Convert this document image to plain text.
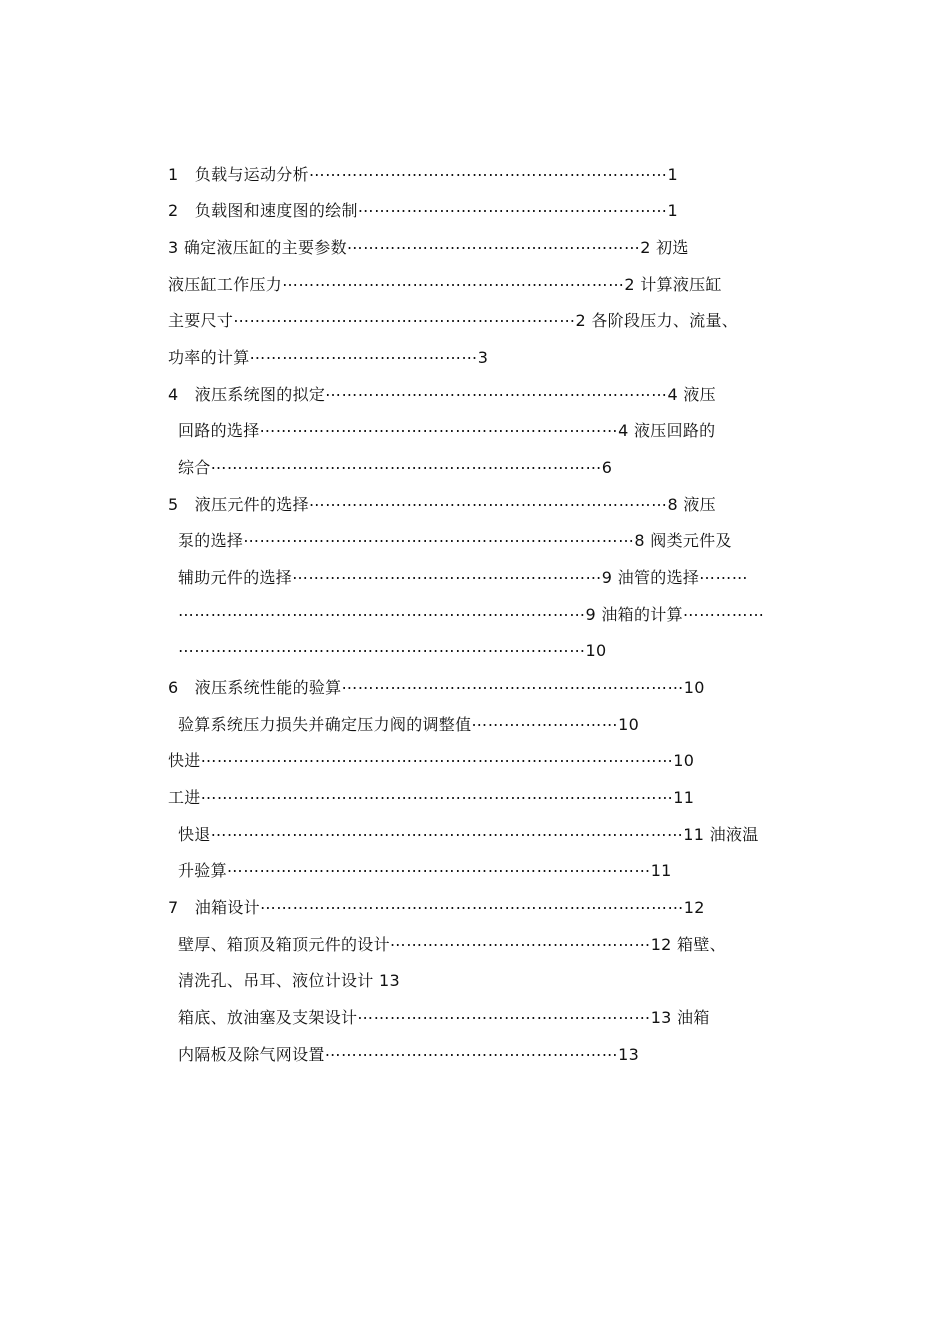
1　负载与运动分析⋯⋯⋯⋯⋯⋯⋯⋯⋯⋯⋯⋯⋯⋯⋯⋯⋯⋯⋯⋯⋯⋯1
2　负载图和速度图的绘制⋯⋯⋯⋯⋯⋯⋯⋯⋯⋯⋯⋯⋯⋯⋯⋯⋯⋯⋯1
3 确定液压缸的主要参数⋯⋯⋯⋯⋯⋯⋯⋯⋯⋯⋯⋯⋯⋯⋯⋯⋯⋯2 初选
液压缸工作压力⋯⋯⋯⋯⋯⋯⋯⋯⋯⋯⋯⋯⋯⋯⋯⋯⋯⋯⋯⋯⋯2 计算液压缸
主要尺寸⋯⋯⋯⋯⋯⋯⋯⋯⋯⋯⋯⋯⋯⋯⋯⋯⋯⋯⋯⋯⋯2 各阶段压力、流量、
功率的计算⋯⋯⋯⋯⋯⋯⋯⋯⋯⋯⋯⋯⋯⋯3
4　液压系统图的拟定⋯⋯⋯⋯⋯⋯⋯⋯⋯⋯⋯⋯⋯⋯⋯⋯⋯⋯⋯⋯⋯4 液压
回路的选择⋯⋯⋯⋯⋯⋯⋯⋯⋯⋯⋯⋯⋯⋯⋯⋯⋯⋯⋯⋯⋯⋯4 液压回路的
综合⋯⋯⋯⋯⋯⋯⋯⋯⋯⋯⋯⋯⋯⋯⋯⋯⋯⋯⋯⋯⋯⋯⋯⋯6
5　液压元件的选择⋯⋯⋯⋯⋯⋯⋯⋯⋯⋯⋯⋯⋯⋯⋯⋯⋯⋯⋯⋯⋯⋯8 液压
泵的选择⋯⋯⋯⋯⋯⋯⋯⋯⋯⋯⋯⋯⋯⋯⋯⋯⋯⋯⋯⋯⋯⋯⋯⋯8 阀类元件及
辅助元件的选择⋯⋯⋯⋯⋯⋯⋯⋯⋯⋯⋯⋯⋯⋯⋯⋯⋯⋯⋯9 油管的选择⋯⋯⋯
⋯⋯⋯⋯⋯⋯⋯⋯⋯⋯⋯⋯⋯⋯⋯⋯⋯⋯⋯⋯⋯⋯⋯⋯⋯9 油箱的计算⋯⋯⋯⋯⋯
⋯⋯⋯⋯⋯⋯⋯⋯⋯⋯⋯⋯⋯⋯⋯⋯⋯⋯⋯⋯⋯⋯⋯⋯⋯10
6　液压系统性能的验算⋯⋯⋯⋯⋯⋯⋯⋯⋯⋯⋯⋯⋯⋯⋯⋯⋯⋯⋯⋯⋯10
验算系统压力损失并确定压力阀的调整值⋯⋯⋯⋯⋯⋯⋯⋯⋯10
快进⋯⋯⋯⋯⋯⋯⋯⋯⋯⋯⋯⋯⋯⋯⋯⋯⋯⋯⋯⋯⋯⋯⋯⋯⋯⋯⋯⋯⋯10
工进⋯⋯⋯⋯⋯⋯⋯⋯⋯⋯⋯⋯⋯⋯⋯⋯⋯⋯⋯⋯⋯⋯⋯⋯⋯⋯⋯⋯⋯11
快退⋯⋯⋯⋯⋯⋯⋯⋯⋯⋯⋯⋯⋯⋯⋯⋯⋯⋯⋯⋯⋯⋯⋯⋯⋯⋯⋯⋯⋯11 油液温
升验算⋯⋯⋯⋯⋯⋯⋯⋯⋯⋯⋯⋯⋯⋯⋯⋯⋯⋯⋯⋯⋯⋯⋯⋯⋯⋯11
7　油箱设计⋯⋯⋯⋯⋯⋯⋯⋯⋯⋯⋯⋯⋯⋯⋯⋯⋯⋯⋯⋯⋯⋯⋯⋯⋯⋯12
壁厚、箱顶及箱顶元件的设计⋯⋯⋯⋯⋯⋯⋯⋯⋯⋯⋯⋯⋯⋯⋯⋯12 箱壁、
清洗孔、吊耳、液位计设计 13
箱底、放油塞及支架设计⋯⋯⋯⋯⋯⋯⋯⋯⋯⋯⋯⋯⋯⋯⋯⋯⋯⋯13 油箱
内隔板及除气网设置⋯⋯⋯⋯⋯⋯⋯⋯⋯⋯⋯⋯⋯⋯⋯⋯⋯⋯13
